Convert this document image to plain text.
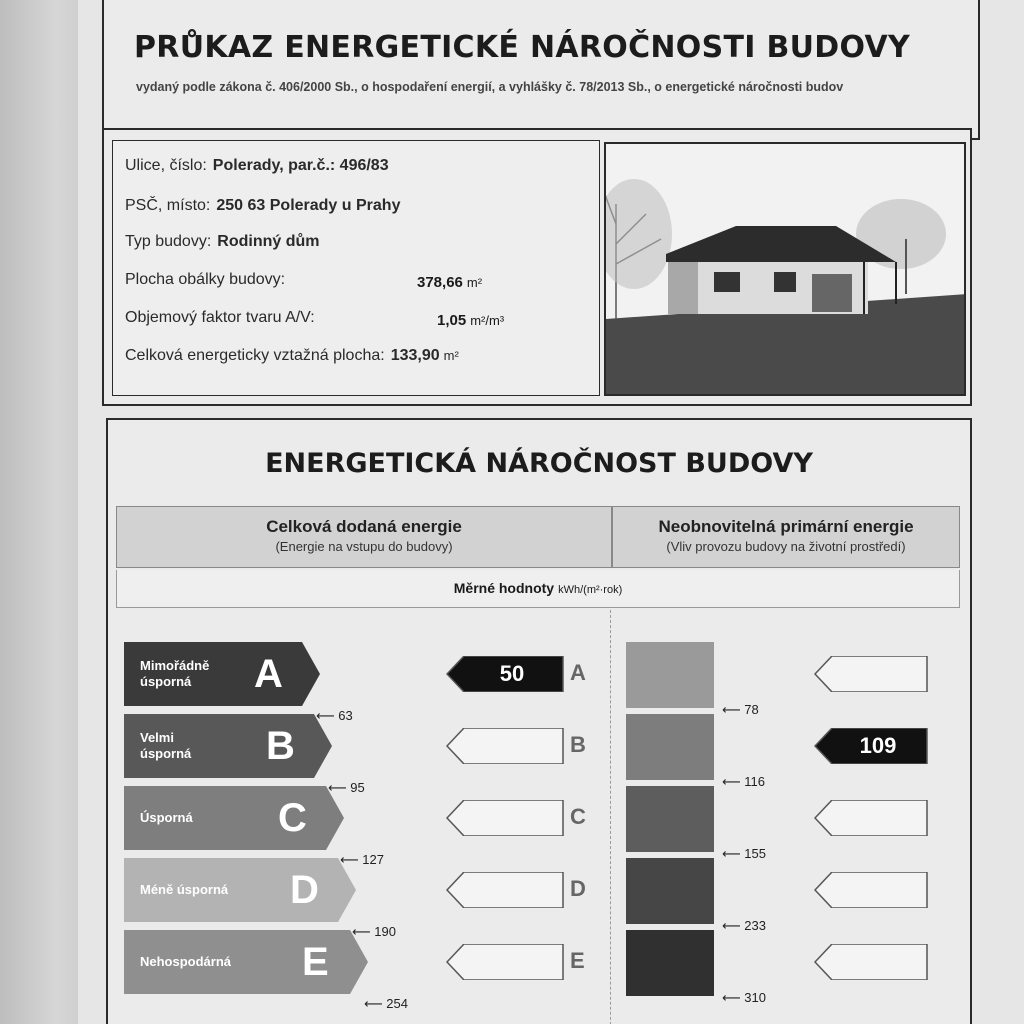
PRŮKAZ ENERGETICKÉ NÁROČNOSTI BUDOVY
vydaný podle zákona č. 406/2000 Sb., o hospodaření energií, a vyhlášky č. 78/2013 Sb., o energetické náročnosti budov
Ulice, číslo: Polerady, par.č.: 496/83
PSČ, místo: 250 63 Polerady u Prahy
Typ budovy: Rodinný dům
Plocha obálky budovy:	378,66 m²
Objemový faktor tvaru A/V:	1,05 m²/m³
Celková energeticky vztažná plocha: 133,90 m²
ENERGETICKÁ NÁROČNOST BUDOVY
Celková dodaná energie
(Energie na vstupu do budovy)
Neobnovitelná primární energie
(Vliv provozu budovy na životní prostředí)
Měrné hodnoty kWh/(m²·rok)
Mimořádně
úsporná	A
⟵ 63
50	A
⟵ 78
Velmi
úsporná B
⟵ 95
B
⟵ 116
109
Úsporná C
⟵ 127
C
⟵ 155
Méně úsporná D
⟵ 190
D
⟵ 233
Nehospodárná E
⟵ 254
E
⟵ 310
